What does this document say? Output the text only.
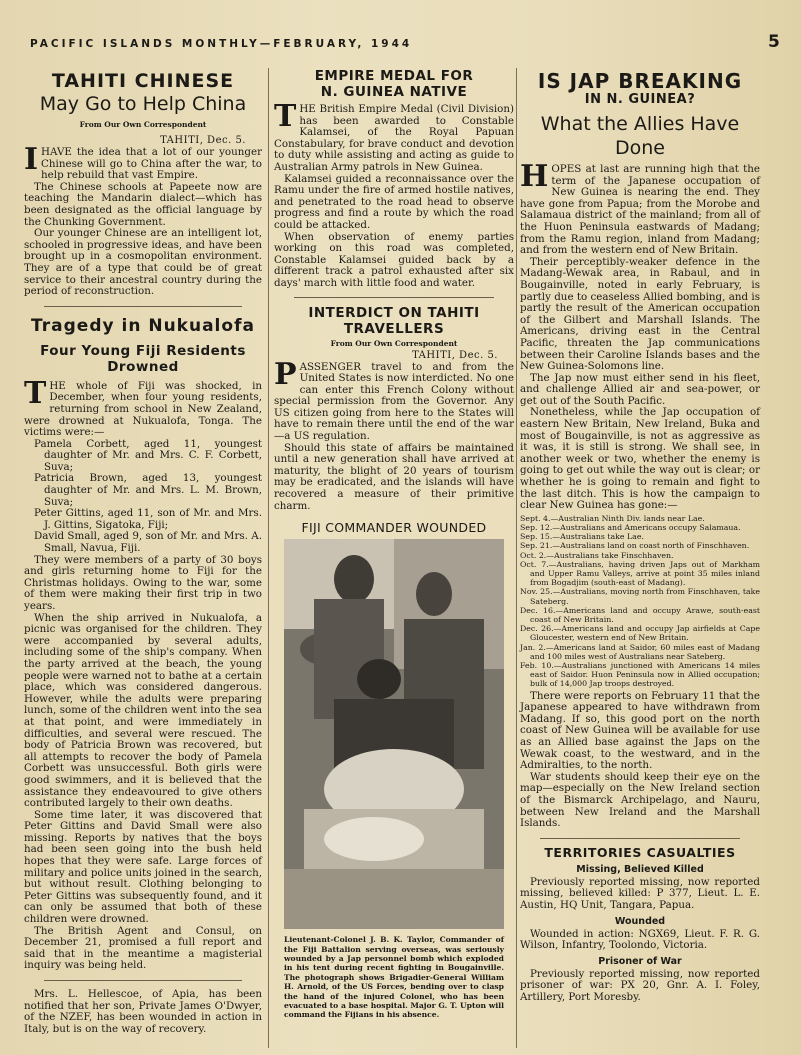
PACIFIC ISLANDS MONTHLY—FEBRUARY, 1944	5
TAHITI CHINESE
May Go to Help China
From Our Own Correspondent
TAHITI, Dec. 5.

IHAVE the idea that a lot of our younger Chinese will go to China after the war, to help rebuild that vast Empire.

The Chinese schools at Papeete now are teaching the Mandarin dialect—which has been designated as the official language by the Chunking Government.

Our younger Chinese are an intelligent lot, schooled in progressive ideas, and have been brought up in a cosmopolitan environment. They are of a type that could be of great service to their ancestral country during the period of reconstruction.

Tragedy in Nukualofa
Four Young Fiji Residents Drowned

THE whole of Fiji was shocked, in December, when four young residents, returning from school in New Zealand, were drowned at Nukualofa, Tonga. The victims were:—

Pamela Corbett, aged 11, youngest daughter of Mr. and Mrs. C. F. Corbett, Suva;

Patricia Brown, aged 13, youngest daughter of Mr. and Mrs. L. M. Brown, Suva;

Peter Gittins, aged 11, son of Mr. and Mrs. J. Gittins, Sigatoka, Fiji;

David Small, aged 9, son of Mr. and Mrs. A. Small, Navua, Fiji.

They were members of a party of 30 boys and girls returning home to Fiji for the Christmas holidays. Owing to the war, some of them were making their first trip in two years.

When the ship arrived in Nukualofa, a picnic was organised for the children. They were accompanied by several adults, including some of the ship's company. When the party arrived at the beach, the young people were warned not to bathe at a certain place, which was considered dangerous. However, while the adults were preparing lunch, some of the children went into the sea at that point, and were immediately in difficulties, and several were rescued. The body of Patricia Brown was recovered, but all attempts to recover the body of Pamela Corbett was unsuccessful. Both girls were good swimmers, and it is believed that the assistance they endeavoured to give others contributed largely to their own deaths.

Some time later, it was discovered that Peter Gittins and David Small were also missing. Reports by natives that the boys had been seen going into the bush held hopes that they were safe. Large forces of military and police units joined in the search, but without result. Clothing belonging to Peter Gittins was subsequently found, and it can only be assumed that both of these children were drowned.

The British Agent and Consul, on December 21, promised a full report and said that in the meantime a magisterial inquiry was being held.

Mrs. L. Hellescoe, of Apia, has been notified that her son, Private James O'Dwyer, of the NZEF, has been wounded in action in Italy, but is on the way of recovery.

EMPIRE MEDAL FOR
N. GUINEA NATIVE

THE British Empire Medal (Civil Division) has been awarded to Constable Kalamsei, of the Royal Papuan Constabulary, for brave conduct and devotion to duty while assisting and acting as guide to Australian Army patrols in New Guinea.

Kalamsei guided a reconnaissance over the Ramu under the fire of armed hostile natives, and penetrated to the road head to observe progress and find a route by which the road could be attacked.

When observation of enemy parties working on this road was completed, Constable Kalamsei guided back by a different track a patrol exhausted after six days' march with little food and water.

INTERDICT ON TAHITI
TRAVELLERS
From Our Own Correspondent
TAHITI, Dec. 5.

PASSENGER travel to and from the United States is now interdicted. No one can enter this French Colony without special permission from the Governor. Any US citizen going from here to the States will have to remain there until the end of the war—a US regulation.

Should this state of affairs be maintained until a new generation shall have arrived at maturity, the blight of 20 years of tourism may be eradicated, and the islands will have recovered a measure of their primitive charm.

FIJI COMMANDER WOUNDED
Lieutenant-Colonel J. B. K. Taylor, Commander of the Fiji Battalion serving overseas, was seriously wounded by a Jap personnel bomb which exploded in his tent during recent fighting in Bougainville. The photograph shows Brigadier-General William H. Arnold, of the US Forces, bending over to clasp the hand of the injured Colonel, who has been evacuated to a base hospital. Major G. T. Upton will command the Fijians in his absence.
IS JAP BREAKING
IN N. GUINEA?
What the Allies Have
Done

HOPES at last are running high that the term of the Japanese occupation of New Guinea is nearing the end. They have gone from Papua; from the Morobe and Salamaua district of the mainland; from all of the Huon Peninsula eastwards of Madang; from the Ramu region, inland from Madang; and from the western end of New Britain.

Their perceptibly-weaker defence in the Madang-Wewak area, in Rabaul, and in Bougainville, noted in early February, is partly due to ceaseless Allied bombing, and is partly the result of the American occupation of the Gilbert and Marshall Islands. The Americans, driving east in the Central Pacific, threaten the Jap communications between their Caroline Islands bases and the New Guinea-Solomons line.

The Jap now must either send in his fleet, and challenge Allied air and sea-power, or get out of the South Pacific.

Nonetheless, while the Jap occupation of eastern New Britain, New Ireland, Buka and most of Bougainville, is not as aggressive as it was, it is still is strong. We shall see, in another week or two, whether the enemy is going to get out while the way out is clear; or whether he is going to remain and fight to the last ditch. This is how the campaign to clear New Guinea has gone:—

Sept. 4.—Australian Ninth Div. lands near Lae.

Sep. 12.—Australians and Americans occupy Salamaua.

Sep. 15.—Australians take Lae.

Sep. 21.—Australians land on coast north of Finschhaven.

Oct. 2.—Australians take Finschhaven.

Oct. 7.—Australians, having driven Japs out of Markham and Upper Ramu Valleys, arrive at point 35 miles inland from Bogadjim (south-east of Madang).

Nov. 25.—Australians, moving north from Finschhaven, take Sateberg.

Dec. 16.—Americans land and occupy Arawe, south-east coast of New Britain.

Dec. 26.—Americans land and occupy Jap airfields at Cape Gloucester, western end of New Britain.

Jan. 2.—Americans land at Saidor, 60 miles east of Madang and 100 miles west of Australians near Sateberg.

Feb. 10.—Australians junctioned with Americans 14 miles east of Saidor. Huon Peninsula now in Allied occupation; bulk of 14,000 Jap troops destroyed.

There were reports on February 11 that the Japanese appeared to have withdrawn from Madang. If so, this good port on the north coast of New Guinea will be available for use as an Allied base against the Japs on the Wewak coast, to the westward, and in the Admiralties, to the north.

War students should keep their eye on the map—especially on the New Ireland section of the Bismarck Archipelago, and Nauru, between New Ireland and the Marshall Islands.

TERRITORIES CASUALTIES
Missing, Believed Killed

Previously reported missing, now reported missing, believed killed: P 377, Lieut. L. E. Austin, HQ Unit, Tangara, Papua.

Wounded

Wounded in action: NGX69, Lieut. F. R. G. Wilson, Infantry, Toolondo, Victoria.

Prisoner of War

Previously reported missing, now reported prisoner of war: PX 20, Gnr. A. I. Foley, Artillery, Port Moresby.
